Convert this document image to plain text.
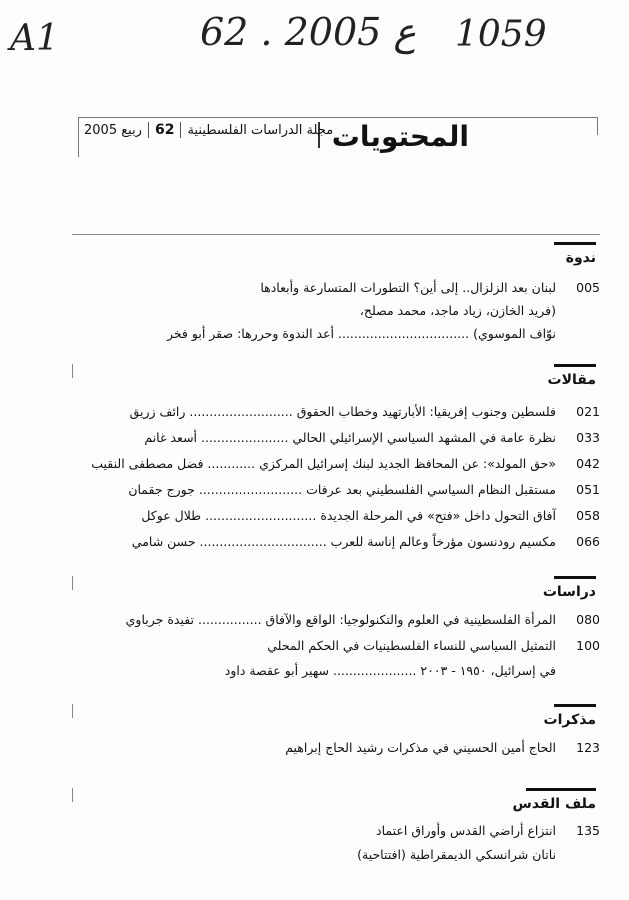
A1	62 . ع 2005 1059
المحتويات
مجلة الدراسات الفلسطينية62ربيع 2005
ندوة
005
لبنان بعد الزلزال.. إلى أين؟ التطورات المتسارعة وأبعادها
(فريد الخازن، زياد ماجد، محمد مصلح،
نوّاف الموسوي) ................................. أعد الندوة وحررها: صقر أبو فخر
مقالات
021
فلسطين وجنوب إفريقيا: الأبارتهيد وخطاب الحقوق .......................... رائف زريق
033
نظرة عامة في المشهد السياسي الإسرائيلي الحالي ...................... أسعد غانم
042
«حق المولد»: عن المحافظ الجديد لبنك إسرائيل المركزي ............ فضل مصطفى النقيب
051
مستقبل النظام السياسي الفلسطيني بعد عرفات .......................... جورج جقمان
058
آفاق التحول داخل «فتح» في المرحلة الجديدة ............................ طلال عوكل
066
مكسيم رودنسون مؤرخاً وعالم إناسة للعرب ................................ حسن شامي
دراسات
080
المرأة الفلسطينية في العلوم والتكنولوجيا: الواقع والآفاق ................ تفيدة جرباوي
100
التمثيل السياسي للنساء الفلسطينيات في الحكم المحلي
في إسرائيل، ١٩٥٠ - ٢٠٠٣ ..................... سهير أبو عقصة داود
مذكرات
123
الحاج أمين الحسيني في مذكرات رشيد الحاج إبراهيم
ملف القدس
135
انتزاع أراضي القدس وأوراق اعتماد
ناتان شرانسكي الديمقراطية (افتتاحية)
